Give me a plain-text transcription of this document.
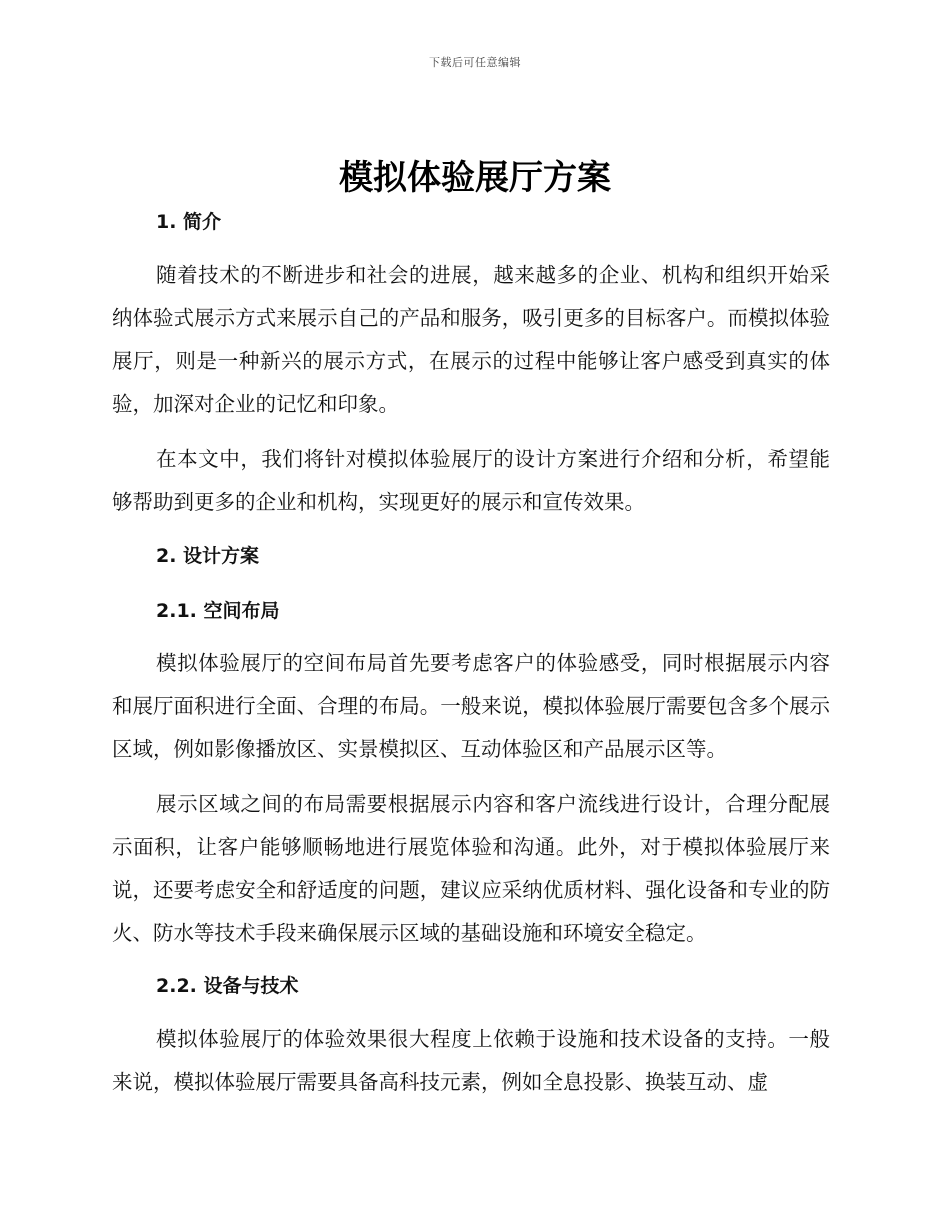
下载后可任意编辑
模拟体验展厅方案
1. 简介

随着技术的不断进步和社会的进展，越来越多的企业、机构和组织开始采纳体验式展示方式来展示自己的产品和服务，吸引更多的目标客户。而模拟体验展厅，则是一种新兴的展示方式，在展示的过程中能够让客户感受到真实的体验，加深对企业的记忆和印象。

在本文中，我们将针对模拟体验展厅的设计方案进行介绍和分析，希望能够帮助到更多的企业和机构，实现更好的展示和宣传效果。

2. 设计方案
2.1. 空间布局

模拟体验展厅的空间布局首先要考虑客户的体验感受，同时根据展示内容和展厅面积进行全面、合理的布局。一般来说，模拟体验展厅需要包含多个展示区域，例如影像播放区、实景模拟区、互动体验区和产品展示区等。

展示区域之间的布局需要根据展示内容和客户流线进行设计，合理分配展示面积，让客户能够顺畅地进行展览体验和沟通。此外，对于模拟体验展厅来说，还要考虑安全和舒适度的问题，建议应采纳优质材料、强化设备和专业的防火、防水等技术手段来确保展示区域的基础设施和环境安全稳定。

2.2. 设备与技术

模拟体验展厅的体验效果很大程度上依赖于设施和技术设备的支持。一般来说，模拟体验展厅需要具备高科技元素，例如全息投影、换装互动、虚
